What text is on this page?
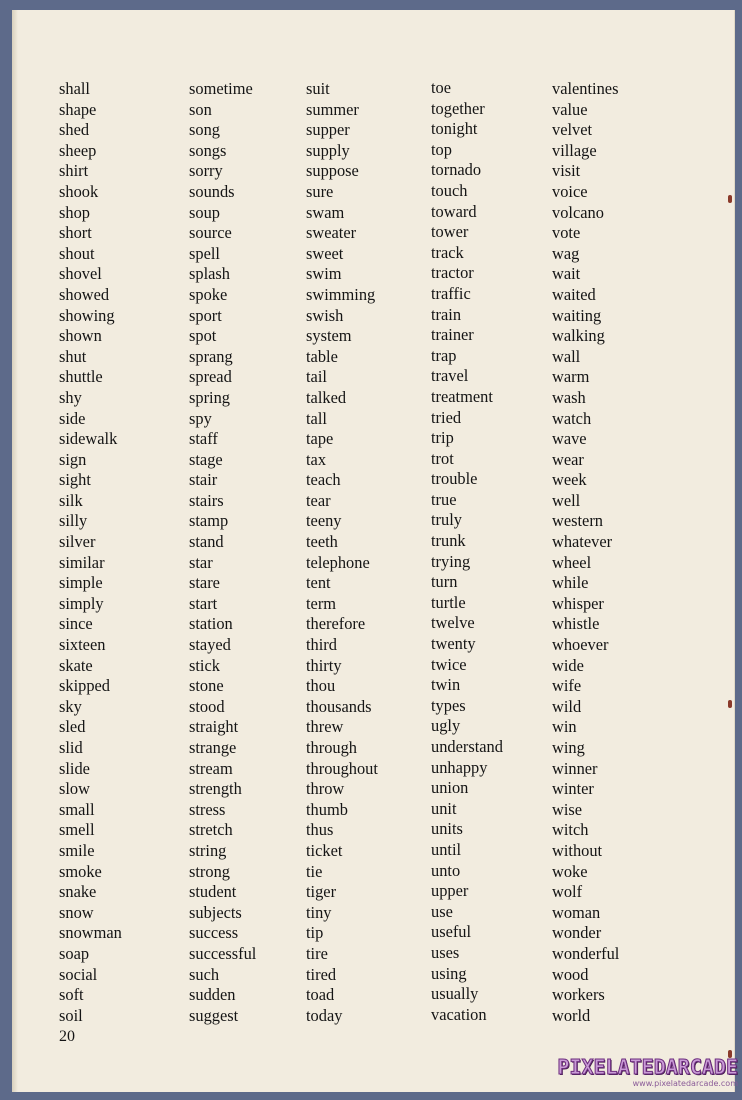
shall
shape
shed
sheep
shirt
shook
shop
short
shout
shovel
showed
showing
shown
shut
shuttle
shy
side
sidewalk
sign
sight
silk
silly
silver
similar
simple
simply
since
sixteen
skate
skipped
sky
sled
slid
slide
slow
small
smell
smile
smoke
snake
snow
snowman
soap
social
soft
soil
sometime
son
song
songs
sorry
sounds
soup
source
spell
splash
spoke
sport
spot
sprang
spread
spring
spy
staff
stage
stair
stairs
stamp
stand
star
stare
start
station
stayed
stick
stone
stood
straight
strange
stream
strength
stress
stretch
string
strong
student
subjects
success
successful
such
sudden
suggest
suit
summer
supper
supply
suppose
sure
swam
sweater
sweet
swim
swimming
swish
system
table
tail
talked
tall
tape
tax
teach
tear
teeny
teeth
telephone
tent
term
therefore
third
thirty
thou
thousands
threw
through
throughout
throw
thumb
thus
ticket
tie
tiger
tiny
tip
tire
tired
toad
today
toe
together
tonight
top
tornado
touch
toward
tower
track
tractor
traffic
train
trainer
trap
travel
treatment
tried
trip
trot
trouble
true
truly
trunk
trying
turn
turtle
twelve
twenty
twice
twin
types
ugly
understand
unhappy
union
unit
units
until
unto
upper
use
useful
uses
using
usually
vacation
valentines
value
velvet
village
visit
voice
volcano
vote
wag
wait
waited
waiting
walking
wall
warm
wash
watch
wave
wear
week
well
western
whatever
wheel
while
whisper
whistle
whoever
wide
wife
wild
win
wing
winner
winter
wise
witch
without
woke
wolf
woman
wonder
wonderful
wood
workers
world
20
PIXELATEDARCADE
www.pixelatedarcade.com
